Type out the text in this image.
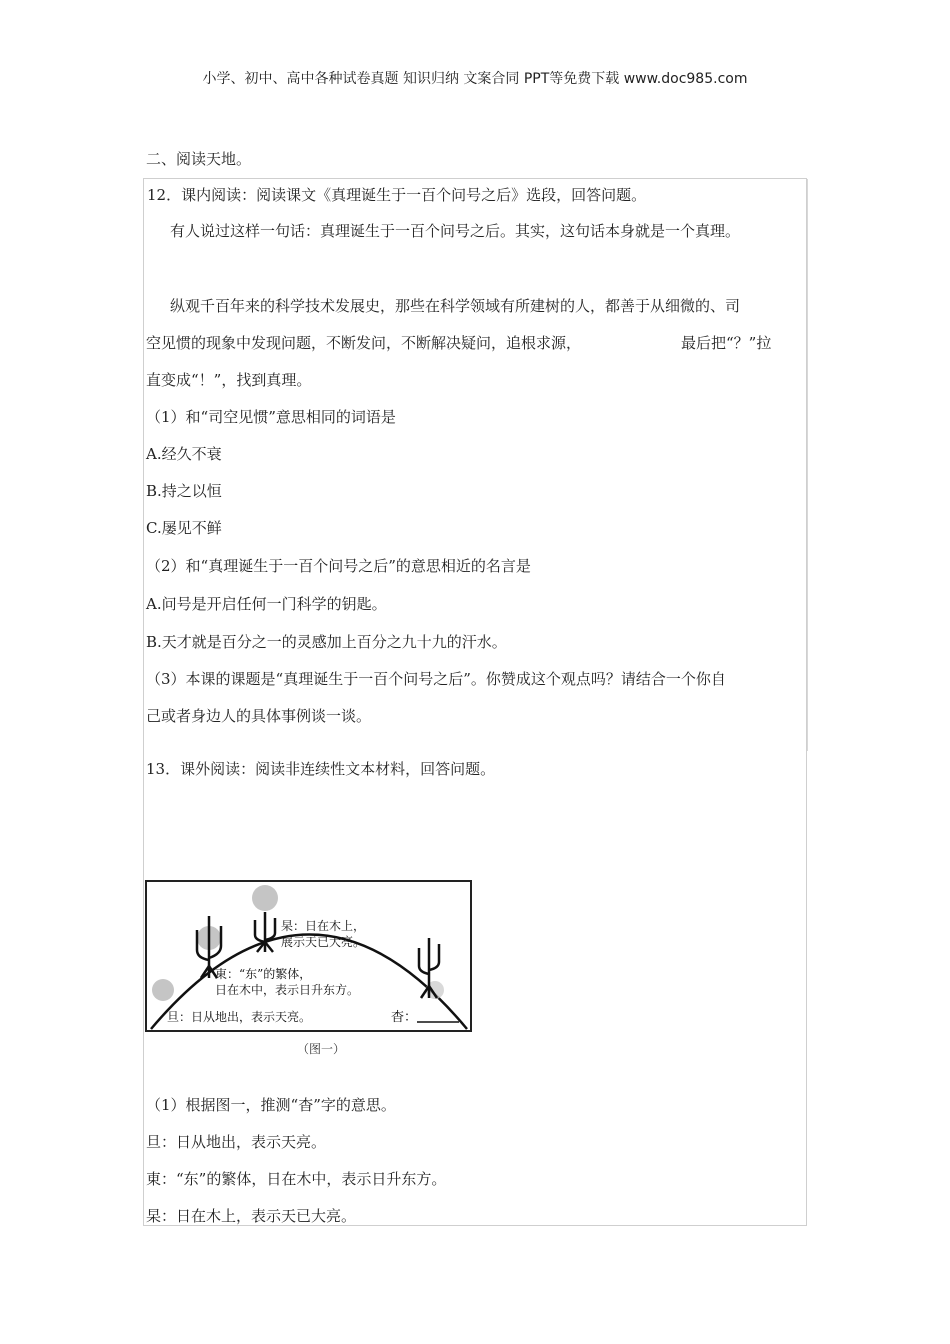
小学、初中、高中各种试卷真题 知识归纳 文案合同 PPT等免费下载 www.doc985.com
二、阅读天地。
12．课内阅读：阅读课文《真理诞生于一百个问号之后》选段，回答问题。
有人说过这样一句话：真理诞生于一百个问号之后。其实，这句话本身就是一个真理。
纵观千百年来的科学技术发展史，那些在科学领域有所建树的人，都善于从细微的、司
空见惯的现象中发现问题，不断发问，不断解决疑问，追根求源，	最后把“？”拉
直变成“！”，找到真理。
（1）和“司空见惯”意思相同的词语是
A.经久不衰
B.持之以恒
C.屡见不鲜
（2）和“真理诞生于一百个问号之后”的意思相近的名言是
A.问号是开启任何一门科学的钥匙。
B.天才就是百分之一的灵感加上百分之九十九的汗水。
（3）本课的课题是“真理诞生于一百个问号之后”。你赞成这个观点吗？请结合一个你自
己或者身边人的具体事例谈一谈。
13．课外阅读：阅读非连续性文本材料，回答问题。
杲：日在木上，
展示天已大亮。
東：“东”的繁体，
日在木中，表示日升东方。
旦：日从地出，表示天亮。	杳：
（图一）
（1）根据图一，推测“杳”字的意思。
旦：日从地出，表示天亮。
東：“东”的繁体，日在木中，表示日升东方。
杲：日在木上，表示天已大亮。
